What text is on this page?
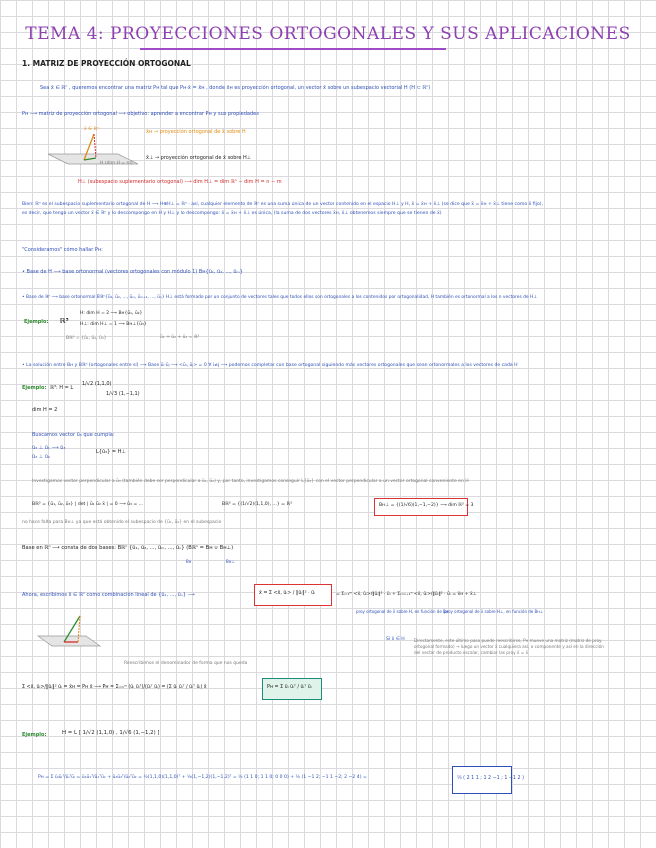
TEMA 4: PROYECCIONES ORTOGONALES Y SUS APLICACIONES
1. MATRIZ DE PROYECCIÓN ORTOGONAL
Sea x̄ ∈ ℝⁿ , queremos encontrar una matriz Pʜ tal que Pʜ·x̄ = x̄ʜ , donde x̄ʜ es proyección ortogonal, un vector x̄ sobre un subespacio vectorial H (H ⊂ ℝⁿ)
Pʜ ⟶ matriz de proyección ortogonal ⟶ objetivo: aprender a encontrar Pʜ y sus propiedades
x̄ ∈ ℝⁿ	x̄ʜ → proyección ortogonal de x̄ sobre H
x̄⊥ → proyección ortogonal de x̄ sobre H⊥
H (dim H = m)
H⊥ (subespacio suplementario ortogonal) ⟶ dim H⊥ = dim ℝⁿ − dim H = n − m
Bien: ℝⁿ es el subespacio suplementario ortogonal de H ⟶ H⊕H⊥ = ℝⁿ · así, cualquier elemento de ℝⁿ es una suma única de un vector contenido en el espacio H⊥ y H, x̄ = x̄ʜ + x̄⊥ (se dice que x̄ = x̄ʜ + x̄⊥ tiene como x̄ fijo),
es decir, que tengo un vector x̄ ∈ ℝⁿ y lo descompongo en H y H⊥ y lo descompongo: x̄ = x̄ʜ + x̄⊥ es única, (la suma de dos vectores x̄ʜ, x̄⊥ obtenemos siempre que se tienen de x̄)
"Consideramos" cómo hallar Pʜ:
• Base de H ⟶ base ortonormal (vectores ortogonales con módulo 1) Bʜ{ū₁, ū₂, ..., ūₘ}
• Base de ℝⁿ ⟶ base ortonormal Bℝⁿ{ū₁, ū₂, ..., ūₘ, ūₘ₊₁, ..., ūₙ} H⊥ está formado por un conjunto de vectores tales que todos ellos son ortogonales a los contenidos por ortogonalidad, H también es ortonormal a los n vectores de H⊥
Ejemplo: ℝ³
H: dim H = 2 ⟶ Bʜ{ū₁, ū₂}
H⊥: dim H⊥ = 1 ⟶ Bʜ⊥{ū₃}
Bℝ³ = {ū₁, ū₂, ū₃}	ū₁ + ū₂ + ū₃ = ℝ³
• La solución entre Bʜ y Bℝⁿ (ortogonales entre sí) ⟶ Base ūᵢ·ūⱼ ⟶ <ūᵢ, ūⱼ> = 0 ∀ i≠j ⟶ podemos completar con base ortogonal siguiendo más vectores ortogonales que sean ortonormales a los vectores de cada H
Ejemplo: ℝ³: H = L
1/√2 (1,1,0)
1/√3 (1,−1,1)
dim H = 2
Buscamos vector ū₃ que cumpla:
ū₃ ⊥ ū₁ ⟶ ū₃
ū₃ ⊥ ū₂
L{ū₃} = H⊥
Investigamos vector perpendicular a ū₃ (también debe ser perpendicular a ū₁, ū₂) y, por tanto, investigamos conseguir L{ū₃} con el vector perpendicular a un vector ortogonal conveniente en H
Bℝ³ = {ū₁, ū₂, ū₃} | det | ū₁ ū₂ x̄ | = 0 ⟶ ū₃ = ...	Bℝ³ = {(1/√2)(1,1,0), ...} = ℝ³	Bʜ⊥ = {(1/√6)(1,−1,−2)} ⟶ dim ℝ³ = 3
no hace falta para Bʜ⊥ ya que está obtenido el subespacio de {ū₁, ū₂} en el subespacio
Base en ℝⁿ ⟶ consta de dos bases: Bℝⁿ {ū₁, ū₂, ..., ūₘ, ..., ūₙ} (Bℝⁿ = Bʜ ∪ Bʜ⊥)
Bʜ	Bʜ⊥
Ahora, escribimos x̄ ∈ ℝⁿ como combinación lineal de {ū₁, ..., ūₙ} ⟶	x̄ = Σ <x̄, ūᵢ> / ‖ūᵢ‖² · ūᵢ	= Σᵢ₌₁ᵐ <x̄, ūᵢ>/‖ūᵢ‖² · ūᵢ + Σᵢ₌ₘ₊₁ⁿ <x̄, ūᵢ>/‖ūᵢ‖² · ūᵢ = x̄ʜ + x̄⊥
proy ortogonal de x̄ sobre H, en función de Bʜ
proy ortogonal de x̄ sobre H⊥, en función de Bʜ⊥
Si x̄ ∈ H Directamente, este último paso puede reescribirse, Pʜ mueve una matriz (matriz de proy. ortogonal formado) → luego un vector x̄ cualquiera así, o componente y así en la dirección del vector de producto escalar, cambiar las proy x̄ = x̄
Reescribimos el denominador de forma que nos queda
Σ <x̄, ūᵢ>/‖ūᵢ‖² ūᵢ = x̄ʜ = Pʜ x̄ ⟶ Pʜ = Σᵢ₌₁ᵐ (ūᵢ ūᵢᵀ)/(ūᵢᵀ ūᵢ) = (Σ ūᵢ ūᵢᵀ / ūᵢᵀ ūᵢ) x̄	Pʜ = Σ ūᵢ ūᵢᵀ / ūᵢᵀ ūᵢ
Ejemplo:	H = L [ 1/√2 (1,1,0) , 1/√6 (1,−1,2) ]
Pʜ = Σ ūᵢūᵢᵀ/ūᵢᵀūᵢ = ū₁ū₁ᵀ/ū₁ᵀū₁ + ū₂ū₂ᵀ/ū₂ᵀū₂ = ½(1,1,0)(1,1,0)ᵀ + ⅙(1,−1,2)(1,−1,2)ᵀ = ½ (1 1 0; 1 1 0; 0 0 0) + ⅙ (1 −1 2; −1 1 −2; 2 −2 4) =	⅓ ( 2 1 1 ; 1 2 −1 ; 1 −1 2 )
